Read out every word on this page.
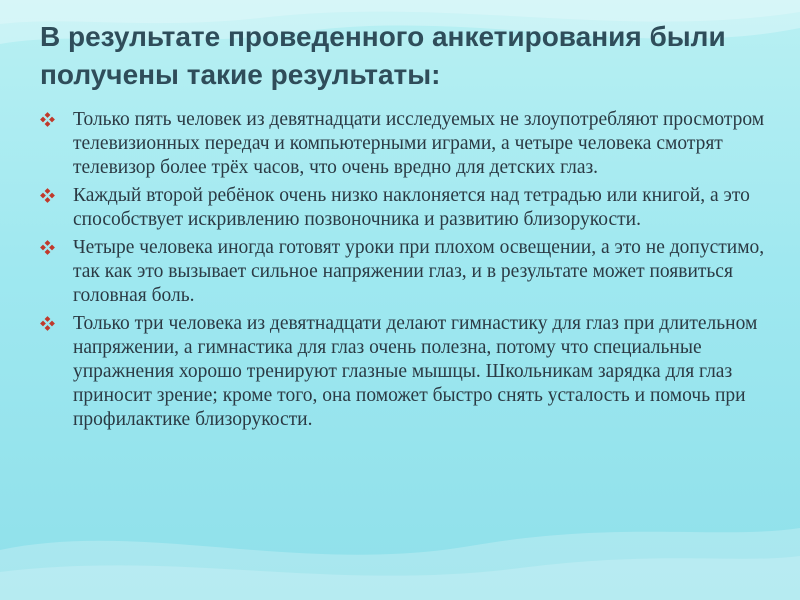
В результате проведенного анкетирования были получены такие результаты:
Только пять человек из девятнадцати исследуемых не злоупотребляют просмотром телевизионных передач и компьютерными играми, а четыре человека смотрят телевизор более трёх часов, что очень вредно для детских глаз.
Каждый второй ребёнок очень низко наклоняется над тетрадью или книгой, а это способствует искривлению позвоночника и развитию близорукости.
Четыре человека иногда готовят уроки при плохом освещении, а это не допустимо, так как это вызывает сильное напряжении глаз, и в результате может появиться головная боль.
Только три человека из девятнадцати делают гимнастику для глаз при длительном напряжении, а гимнастика для глаз очень полезна, потому что специальные упражнения хорошо тренируют глазные мышцы. Школьникам зарядка для глаз приносит зрение; кроме того, она поможет быстро снять усталость и помочь при профилактике близорукости.
